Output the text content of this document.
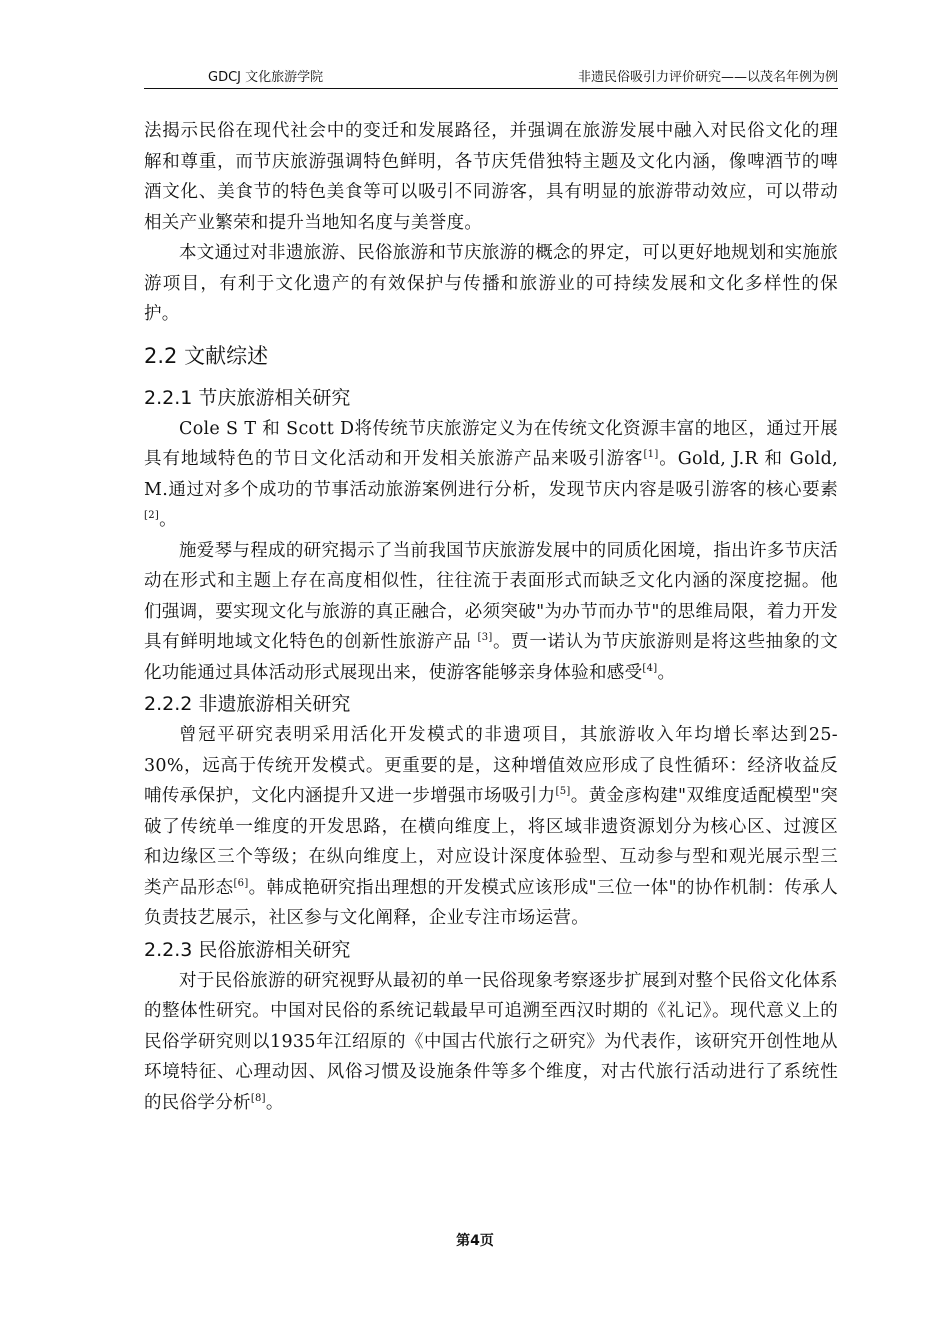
GDCJ 文化旅游学院	非遗民俗吸引力评价研究——以茂名年例为例

法揭示民俗在现代社会中的变迁和发展路径，并强调在旅游发展中融入对民俗文化的理解和尊重，而节庆旅游强调特色鲜明，各节庆凭借独特主题及文化内涵，像啤酒节的啤酒文化、美食节的特色美食等可以吸引不同游客，具有明显的旅游带动效应，可以带动相关产业繁荣和提升当地知名度与美誉度。

本文通过对非遗旅游、民俗旅游和节庆旅游的概念的界定，可以更好地规划和实施旅游项目，有利于文化遗产的有效保护与传播和旅游业的可持续发展和文化多样性的保护。

2.2 文献综述
2.2.1 节庆旅游相关研究

Cole S T 和 Scott D将传统节庆旅游定义为在传统文化资源丰富的地区，通过开展具有地域特色的节日文化活动和开发相关旅游产品来吸引游客[1]。Gold, J.R 和 Gold, M.通过对多个成功的节事活动旅游案例进行分析，发现节庆内容是吸引游客的核心要素[2]。

施爱琴与程成的研究揭示了当前我国节庆旅游发展中的同质化困境，指出许多节庆活动在形式和主题上存在高度相似性，往往流于表面形式而缺乏文化内涵的深度挖掘。他们强调，要实现文化与旅游的真正融合，必须突破"为办节而办节"的思维局限，着力开发具有鲜明地域文化特色的创新性旅游产品 [3]。贾一诺认为节庆旅游则是将这些抽象的文化功能通过具体活动形式展现出来，使游客能够亲身体验和感受[4]。

2.2.2 非遗旅游相关研究

曾冠平研究表明采用活化开发模式的非遗项目，其旅游收入年均增长率达到25-30%，远高于传统开发模式。更重要的是，这种增值效应形成了良性循环：经济收益反哺传承保护，文化内涵提升又进一步增强市场吸引力[5]。黄金彦构建"双维度适配模型"突破了传统单一维度的开发思路，在横向维度上，将区域非遗资源划分为核心区、过渡区和边缘区三个等级；在纵向维度上，对应设计深度体验型、互动参与型和观光展示型三类产品形态[6]。韩成艳研究指出理想的开发模式应该形成"三位一体"的协作机制：传承人负责技艺展示，社区参与文化阐释，企业专注市场运营。

2.2.3 民俗旅游相关研究

对于民俗旅游的研究视野从最初的单一民俗现象考察逐步扩展到对整个民俗文化体系的整体性研究。中国对民俗的系统记载最早可追溯至西汉时期的《礼记》。现代意义上的民俗学研究则以1935年江绍原的《中国古代旅行之研究》为代表作，该研究开创性地从环境特征、心理动因、风俗习惯及设施条件等多个维度，对古代旅行活动进行了系统性的民俗学分析[8]。

第4页
